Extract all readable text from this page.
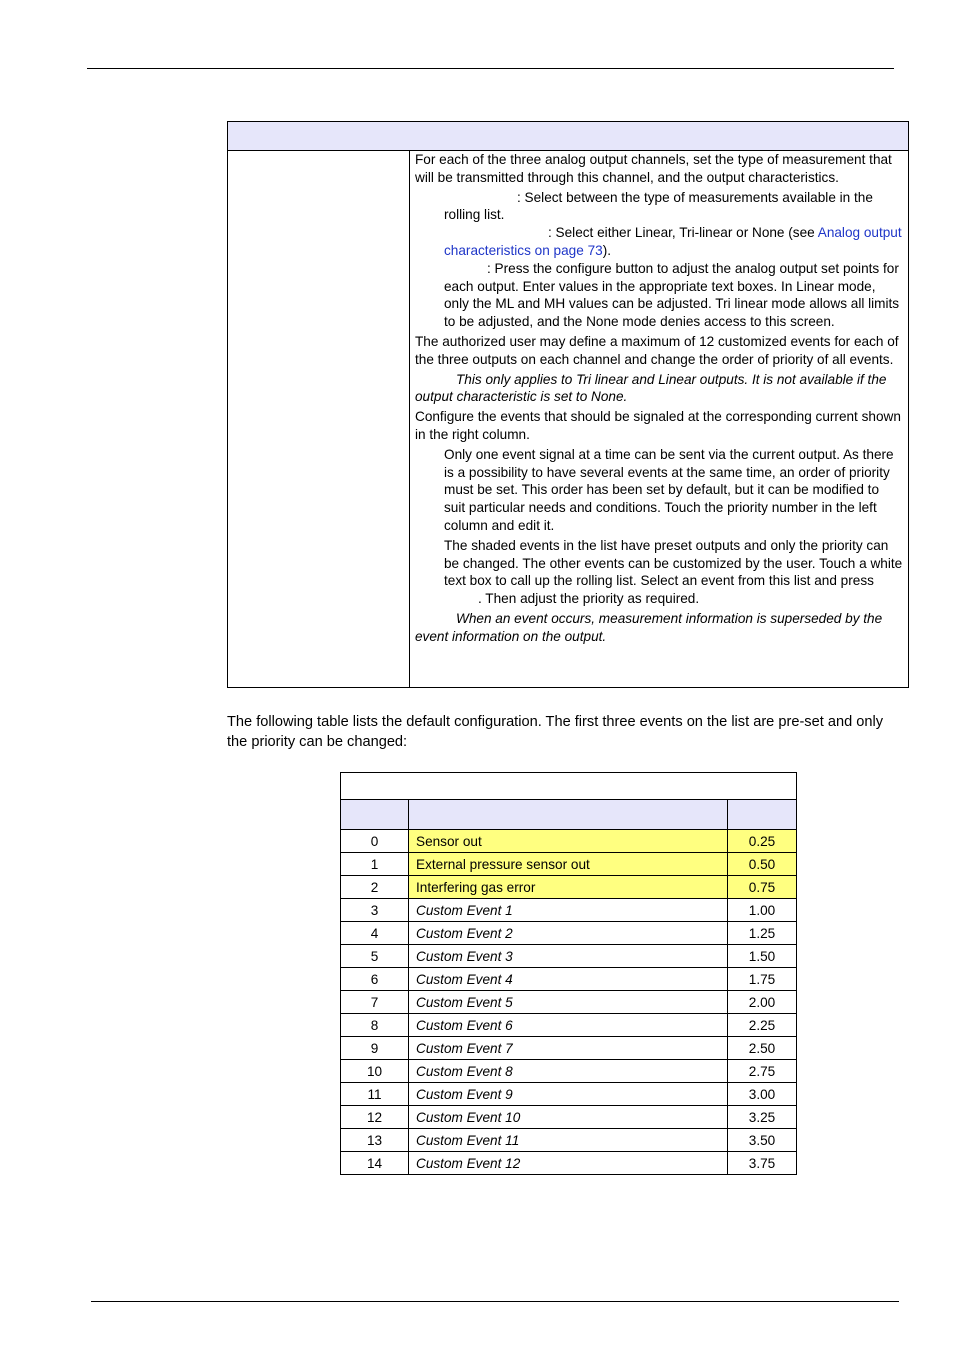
For each of the three analog output channels, set the type of measurement that will be transmitted through this channel, and the output characteristics.

: Select between the type of measurements available in the rolling list.

: Select either Linear, Tri-linear or None (see Analog output characteristics on page 73).

: Press the configure button to adjust the analog output set points for each output. Enter values in the appropriate text boxes. In Linear mode, only the ML and MH values can be adjusted. Tri linear mode allows all limits to be adjusted, and the None mode denies access to this screen.

The authorized user may define a maximum of 12 customized events for each of the three outputs on each channel and change the order of priority of all events.

This only applies to Tri linear and Linear outputs. It is not available if the output characteristic is set to None.

Configure the events that should be signaled at the corresponding current shown in the right column.

Only one event signal at a time can be sent via the current output. As there is a possibility to have several events at the same time, an order of priority must be set. This order has been set by default, but it can be modified to suit particular needs and conditions. Touch the priority number in the left column and edit it.

The shaded events in the list have preset outputs and only the priority can be changed. The other events can be customized by the user. Touch a white text box to call up the rolling list. Select an event from this list and press. Then adjust the priority as required.

When an event occurs, measurement information is superseded by the event information on the output.

The following table lists the default configuration. The first three events on the list are pre-set and only the priority can be changed:

0	Sensor out	0.25
1	External pressure sensor out	0.50
2	Interfering gas error	0.75
3	Custom Event 1	1.00
4	Custom Event 2	1.25
5	Custom Event 3	1.50
6	Custom Event 4	1.75
7	Custom Event 5	2.00
8	Custom Event 6	2.25
9	Custom Event 7	2.50
10	Custom Event 8	2.75
11	Custom Event 9	3.00
12	Custom Event 10	3.25
13	Custom Event 11	3.50
14	Custom Event 12	3.75
